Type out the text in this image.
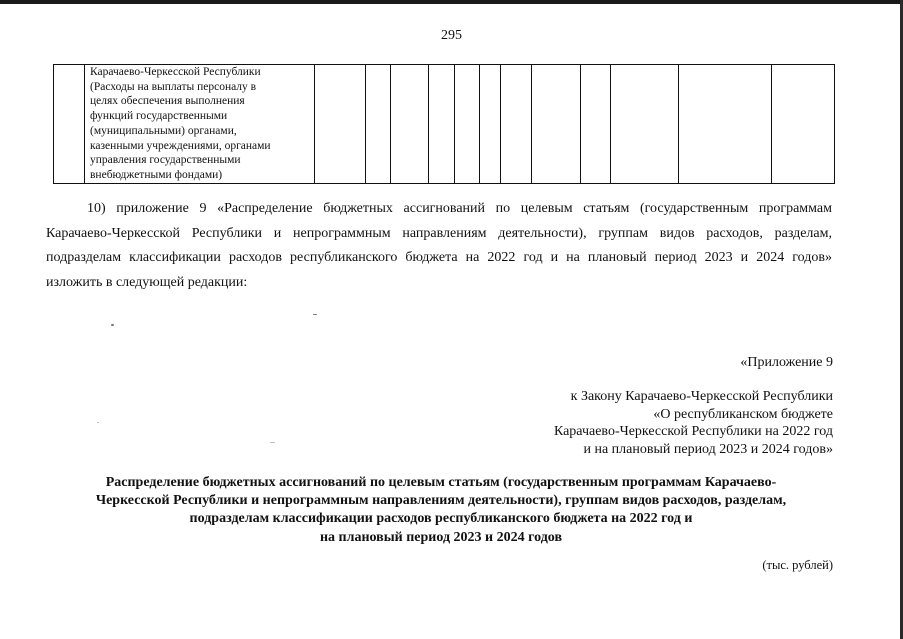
295

Карачаево-Черкесской Республики
(Расходы на выплаты персоналу в
целях обеспечения выполнения
функций государственными
(муниципальными) органами,
казенными учреждениями, органами
управления государственными
внебюджетными фондами)

10) приложение 9 «Распределение бюджетных ассигнований по целевым статьям (государственным программам
Карачаево-Черкесской Республики и непрограммным направлениям деятельности), группам видов расходов, разделам,
подразделам классификации расходов республиканского бюджета на 2022 год и на плановый период 2023 и 2024 годов»
изложить в следующей редакции:
«Приложение 9
к Закону Карачаево-Черкесской Республики
«О республиканском бюджете
Карачаево-Черкесской Республики на 2022 год
и на плановый период 2023 и 2024 годов»
Распределение бюджетных ассигнований по целевым статьям (государственным программам Карачаево-
Черкесской Республики и непрограммным направлениям деятельности), группам видов расходов, разделам,
подразделам классификации расходов республиканского бюджета на 2022 год и
на плановый период 2023 и 2024 годов
(тыс. рублей)
